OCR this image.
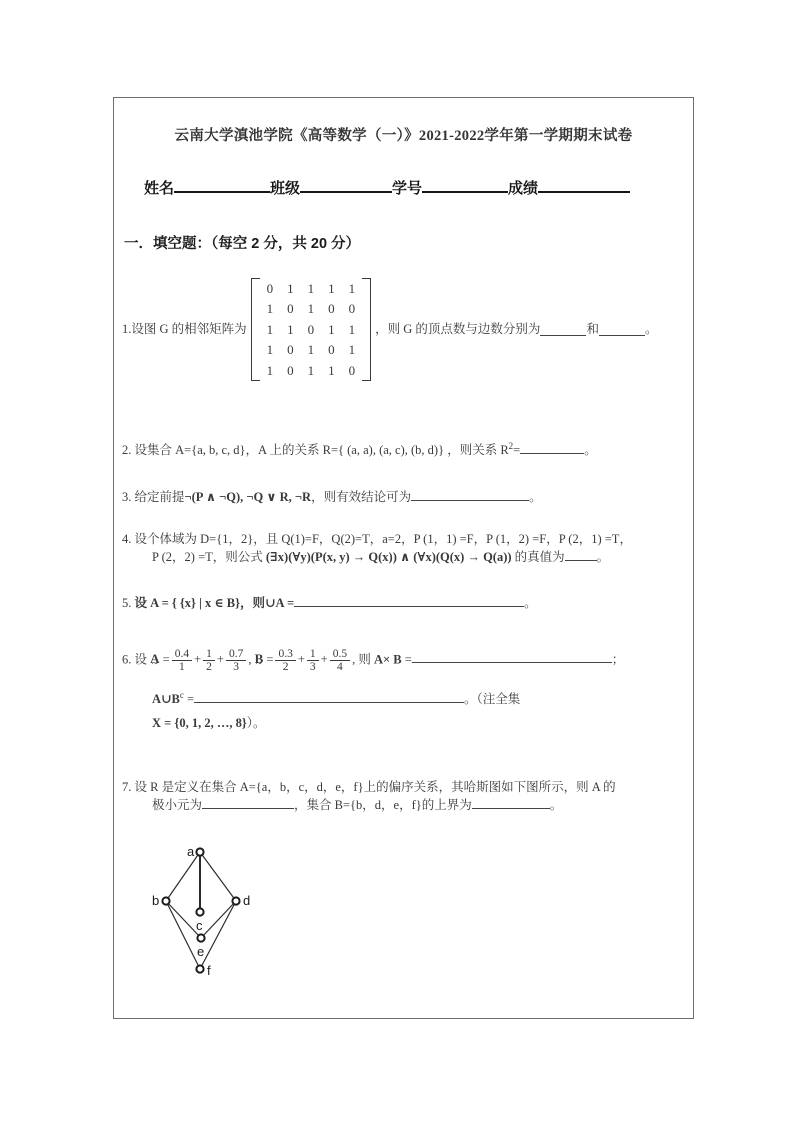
云南大学滇池学院《高等数学（一）》2021-2022学年第一学期期末试卷
姓名	班级	学号	成绩
一．填空题：（每空 2 分，共 20 分）
1. 设图 G 的相邻矩阵为
0	1	1	1	1
1	0	1	0	0
1	1	0	1	1
1	0	1	0	1
1	0	1	1	0
，则 G 的顶点数与边数分别为	和	。
2. 设集合 A={a, b, c, d}，A 上的关系 R={ (a, a), (a, c), (b, d)} ，则关系 $R^2=$	。
3. 给定前提¬(P ∧ ¬Q), ¬Q ∨ R, ¬R，则有效结论可为	。
4. 设个体域为 D={1，2}，且 Q(1)=F，Q(2)=T，a=2，P (1，1) =F，P (1，2) =F，P (2，1) =T，
P (2，2) =T，则公式 (∃x)(∀y)(P(x, y) → Q(x)) ∧ (∀x)(Q(x) → Q(a)) 的真值为	。
5. 设 A = { {x} | x ∈ B}，则∪A =	。
6. 设 A ~ = $\frac{0.4}{1} + \frac{1}{2} + \frac{0.7}{3}$ , B ~ = $\frac{0.3}{2} + \frac{1}{3} + \frac{0.5}{4}$ , 则 A× B =	；
$A\cup B^c$ =	。（注全集
X = {0, 1, 2, …, 8}）。
7. 设 R 是定义在集合 A={a，b，c，d，e，f}上的偏序关系，其哈斯图如下图所示，则 A 的
极小元为	，集合 B={b，d，e，f}的上界为	。
a
b
c
d
e
f
